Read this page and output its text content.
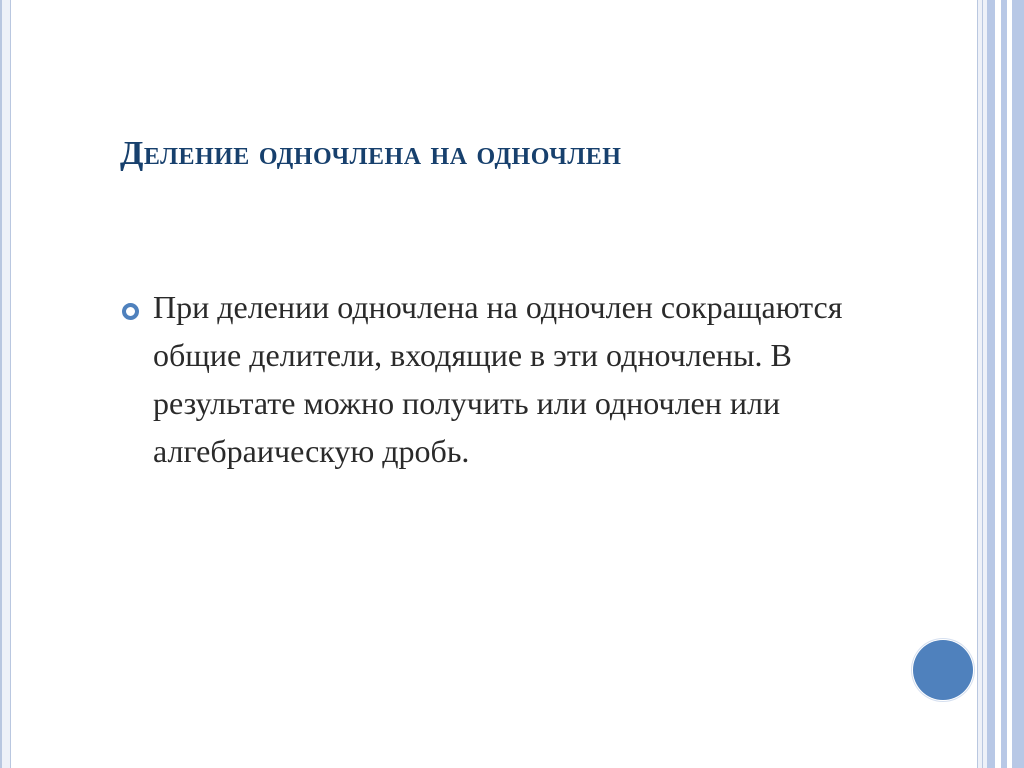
Деление одночлена на одночлен

При делении одночлена на одночлен сокращаются общие делители, входящие в эти одночлены. В результате можно получить или одночлен или алгебраическую дробь.
